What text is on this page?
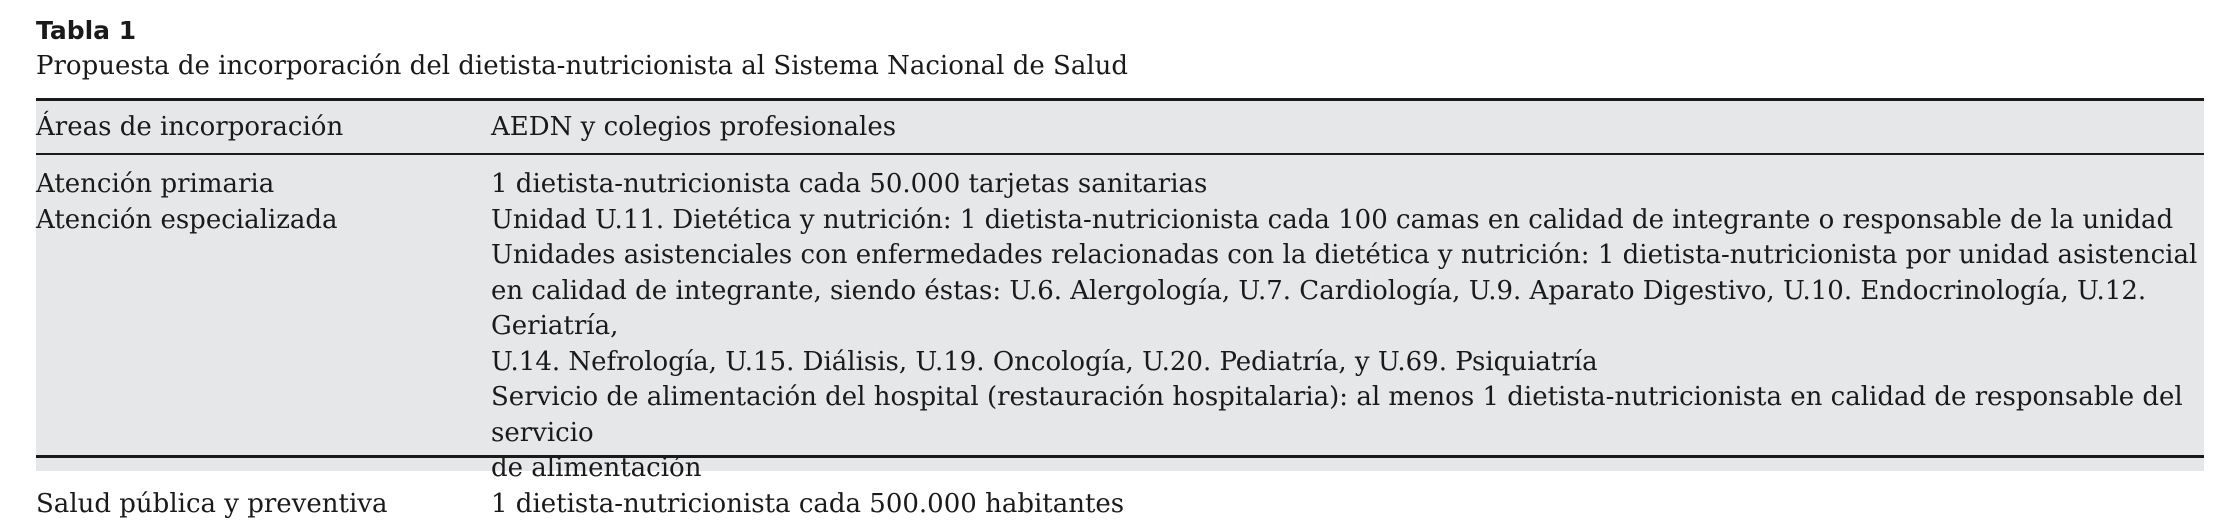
Tabla 1

Propuesta de incorporación del dietista-nutricionista al Sistema Nacional de Salud

Áreas de incorporación	AEDN y colegios profesionales
Atención primaria	1 dietista-nutricionista cada 50.000 tarjetas sanitarias

Atención especializada	Unidad U.11. Dietética y nutrición: 1 dietista-nutricionista cada 100 camas en calidad de integrante o responsable de la unidad

Unidades asistenciales con enfermedades relacionadas con la dietética y nutrición: 1 dietista-nutricionista por unidad asistencial

en calidad de integrante, siendo éstas: U.6. Alergología, U.7. Cardiología, U.9. Aparato Digestivo, U.10. Endocrinología, U.12. Geriatría,

U.14. Nefrología, U.15. Diálisis, U.19. Oncología, U.20. Pediatría, y U.69. Psiquiatría

Servicio de alimentación del hospital (restauración hospitalaria): al menos 1 dietista-nutricionista en calidad de responsable del servicio

de alimentación

Salud pública y preventiva	1 dietista-nutricionista cada 500.000 habitantes
